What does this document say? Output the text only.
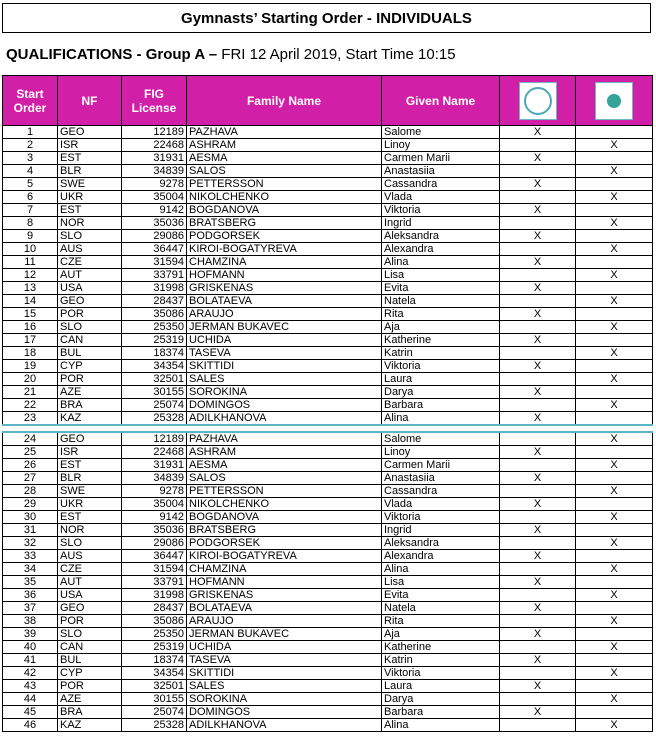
Gymnasts’ Starting Order - INDIVIDUALS
QUALIFICATIONS - Group A – FRI 12 April 2019, Start Time 10:15
Start Order	NF	FIG License	Family Name	Given Name	

1	GEO	12189	PAZHAVA	Salome	X	
2	ISR	22468	ASHRAM	Linoy		X
3	EST	31931	AESMA	Carmen Marii	X	
4	BLR	34839	SALOS	Anastasiia		X
5	SWE	9278	PETTERSSON	Cassandra	X	
6	UKR	35004	NIKOLCHENKO	Vlada		X
7	EST	9142	BOGDANOVA	Viktoria	X	
8	NOR	35036	BRATSBERG	Ingrid		X
9	SLO	29086	PODGORSEK	Aleksandra	X	
10	AUS	36447	KIROI-BOGATYREVA	Alexandra		X
11	CZE	31594	CHAMZINA	Alina	X	
12	AUT	33791	HOFMANN	Lisa		X
13	USA	31998	GRISKENAS	Evita	X	
14	GEO	28437	BOLATAEVA	Natela		X
15	POR	35086	ARAUJO	Rita	X	
16	SLO	25350	JERMAN BUKAVEC	Aja		X
17	CAN	25319	UCHIDA	Katherine	X	
18	BUL	18374	TASEVA	Katrin		X
19	CYP	34354	SKITTIDI	Viktoria	X	
20	POR	32501	SALES	Laura		X
21	AZE	30155	SOROKINA	Darya	X	
22	BRA	25074	DOMINGOS	Barbara		X
23	KAZ	25328	ADILKHANOVA	Alina	X	

24	GEO	12189	PAZHAVA	Salome		X
25	ISR	22468	ASHRAM	Linoy	X	
26	EST	31931	AESMA	Carmen Marii		X
27	BLR	34839	SALOS	Anastasiia	X	
28	SWE	9278	PETTERSSON	Cassandra		X
29	UKR	35004	NIKOLCHENKO	Vlada	X	
30	EST	9142	BOGDANOVA	Viktoria		X
31	NOR	35036	BRATSBERG	Ingrid	X	
32	SLO	29086	PODGORSEK	Aleksandra		X
33	AUS	36447	KIROI-BOGATYREVA	Alexandra	X	
34	CZE	31594	CHAMZINA	Alina		X
35	AUT	33791	HOFMANN	Lisa	X	
36	USA	31998	GRISKENAS	Evita		X
37	GEO	28437	BOLATAEVA	Natela	X	
38	POR	35086	ARAUJO	Rita		X
39	SLO	25350	JERMAN BUKAVEC	Aja	X	
40	CAN	25319	UCHIDA	Katherine		X
41	BUL	18374	TASEVA	Katrin	X	
42	CYP	34354	SKITTIDI	Viktoria		X
43	POR	32501	SALES	Laura	X	
44	AZE	30155	SOROKINA	Darya		X
45	BRA	25074	DOMINGOS	Barbara	X	
46	KAZ	25328	ADILKHANOVA	Alina		X
